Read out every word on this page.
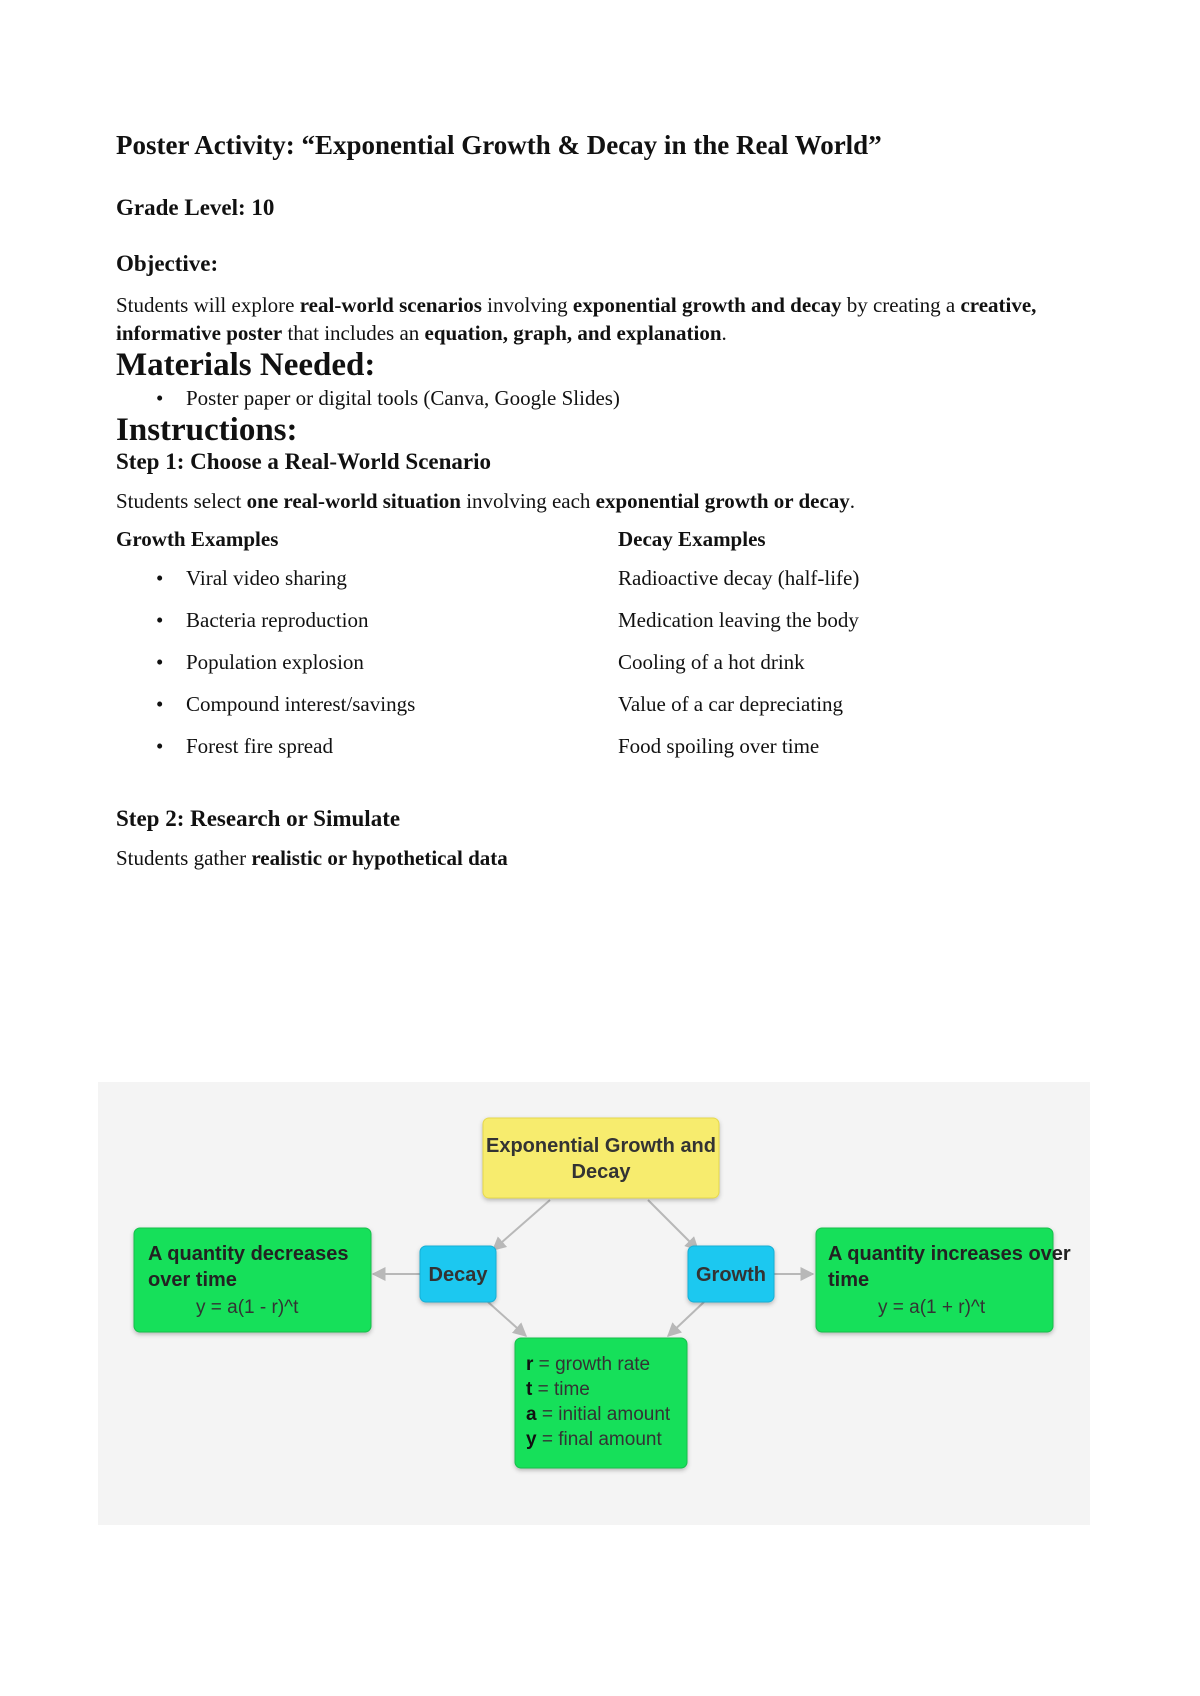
Poster Activity: “Exponential Growth & Decay in the Real World”

Grade Level: 10

Objective:

Students will explore real-world scenarios involving exponential growth and decay by creating a creative, informative poster that includes an equation, graph, and explanation.

Materials Needed:
• Poster paper or digital tools (Canva, Google Slides)
Instructions:

Step 1: Choose a Real-World Scenario

Students select one real-world situation involving each exponential growth or decay.

Growth Examples
• Viral video sharing
• Bacteria reproduction
• Population explosion
• Compound interest/savings
• Forest fire spread
Decay Examples
Radioactive decay (half-life)
Medication leaving the body
Cooling of a hot drink
Value of a car depreciating
Food spoiling over time

Step 2: Research or Simulate

Students gather realistic or hypothetical data

Exponential Growth and
Decay
Decay	Growth
A quantity decreases
over time
y = a(1 - r)^t
A quantity increases over
time
y = a(1 + r)^t
r = growth rate
t = time
a = initial amount
y = final amount
